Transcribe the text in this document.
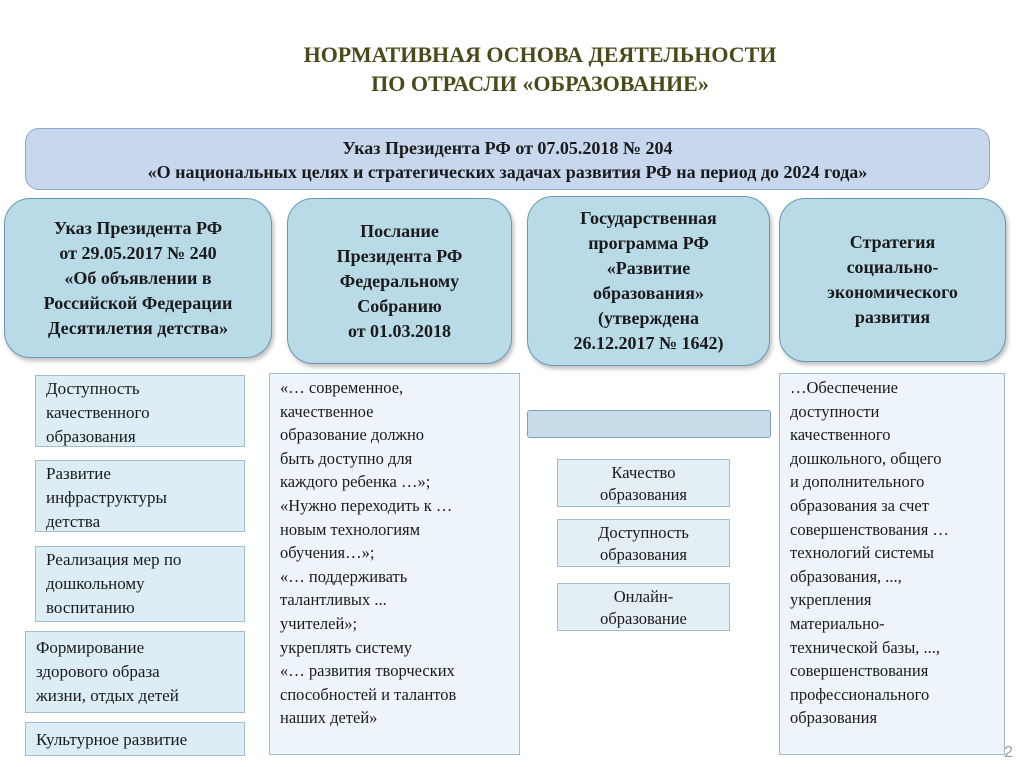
НОРМАТИВНАЯ ОСНОВА ДЕЯТЕЛЬНОСТИ
ПО ОТРАСЛИ «ОБРАЗОВАНИЕ»
Указ Президента РФ от 07.05.2018 № 204
«О национальных целях и стратегических задачах развития РФ на период до 2024 года»
Указ Президента РФ
от 29.05.2017 № 240
«Об объявлении в
Российской Федерации
Десятилетия детства»
Послание
Президента РФ
Федеральному
Собранию
от 01.03.2018
Государственная
программа РФ
«Развитие
образования»
(утверждена
26.12.2017 № 1642)
Стратегия
социально-
экономического
развития
Доступность
качественного
образования
Развитие
инфраструктуры
детства
Реализация мер по
дошкольному
воспитанию
Формирование
здорового образа
жизни, отдых детей
Культурное развитие
«… современное,
качественное
образование должно
быть доступно для
каждого ребенка …»;
«Нужно переходить к …
новым технологиям
обучения…»;
«… поддерживать
талантливых ...
учителей»;
укреплять систему
«… развития творческих
способностей и талантов
наших детей»
Качество
образования
Доступность
образования
Онлайн-
образование
…Обеспечение
доступности
качественного
дошкольного, общего
и дополнительного
образования за счет
совершенствования …
технологий системы
образования, ...,
укрепления
материально-
технической базы, ...,
совершенствования
профессионального
образования
2
